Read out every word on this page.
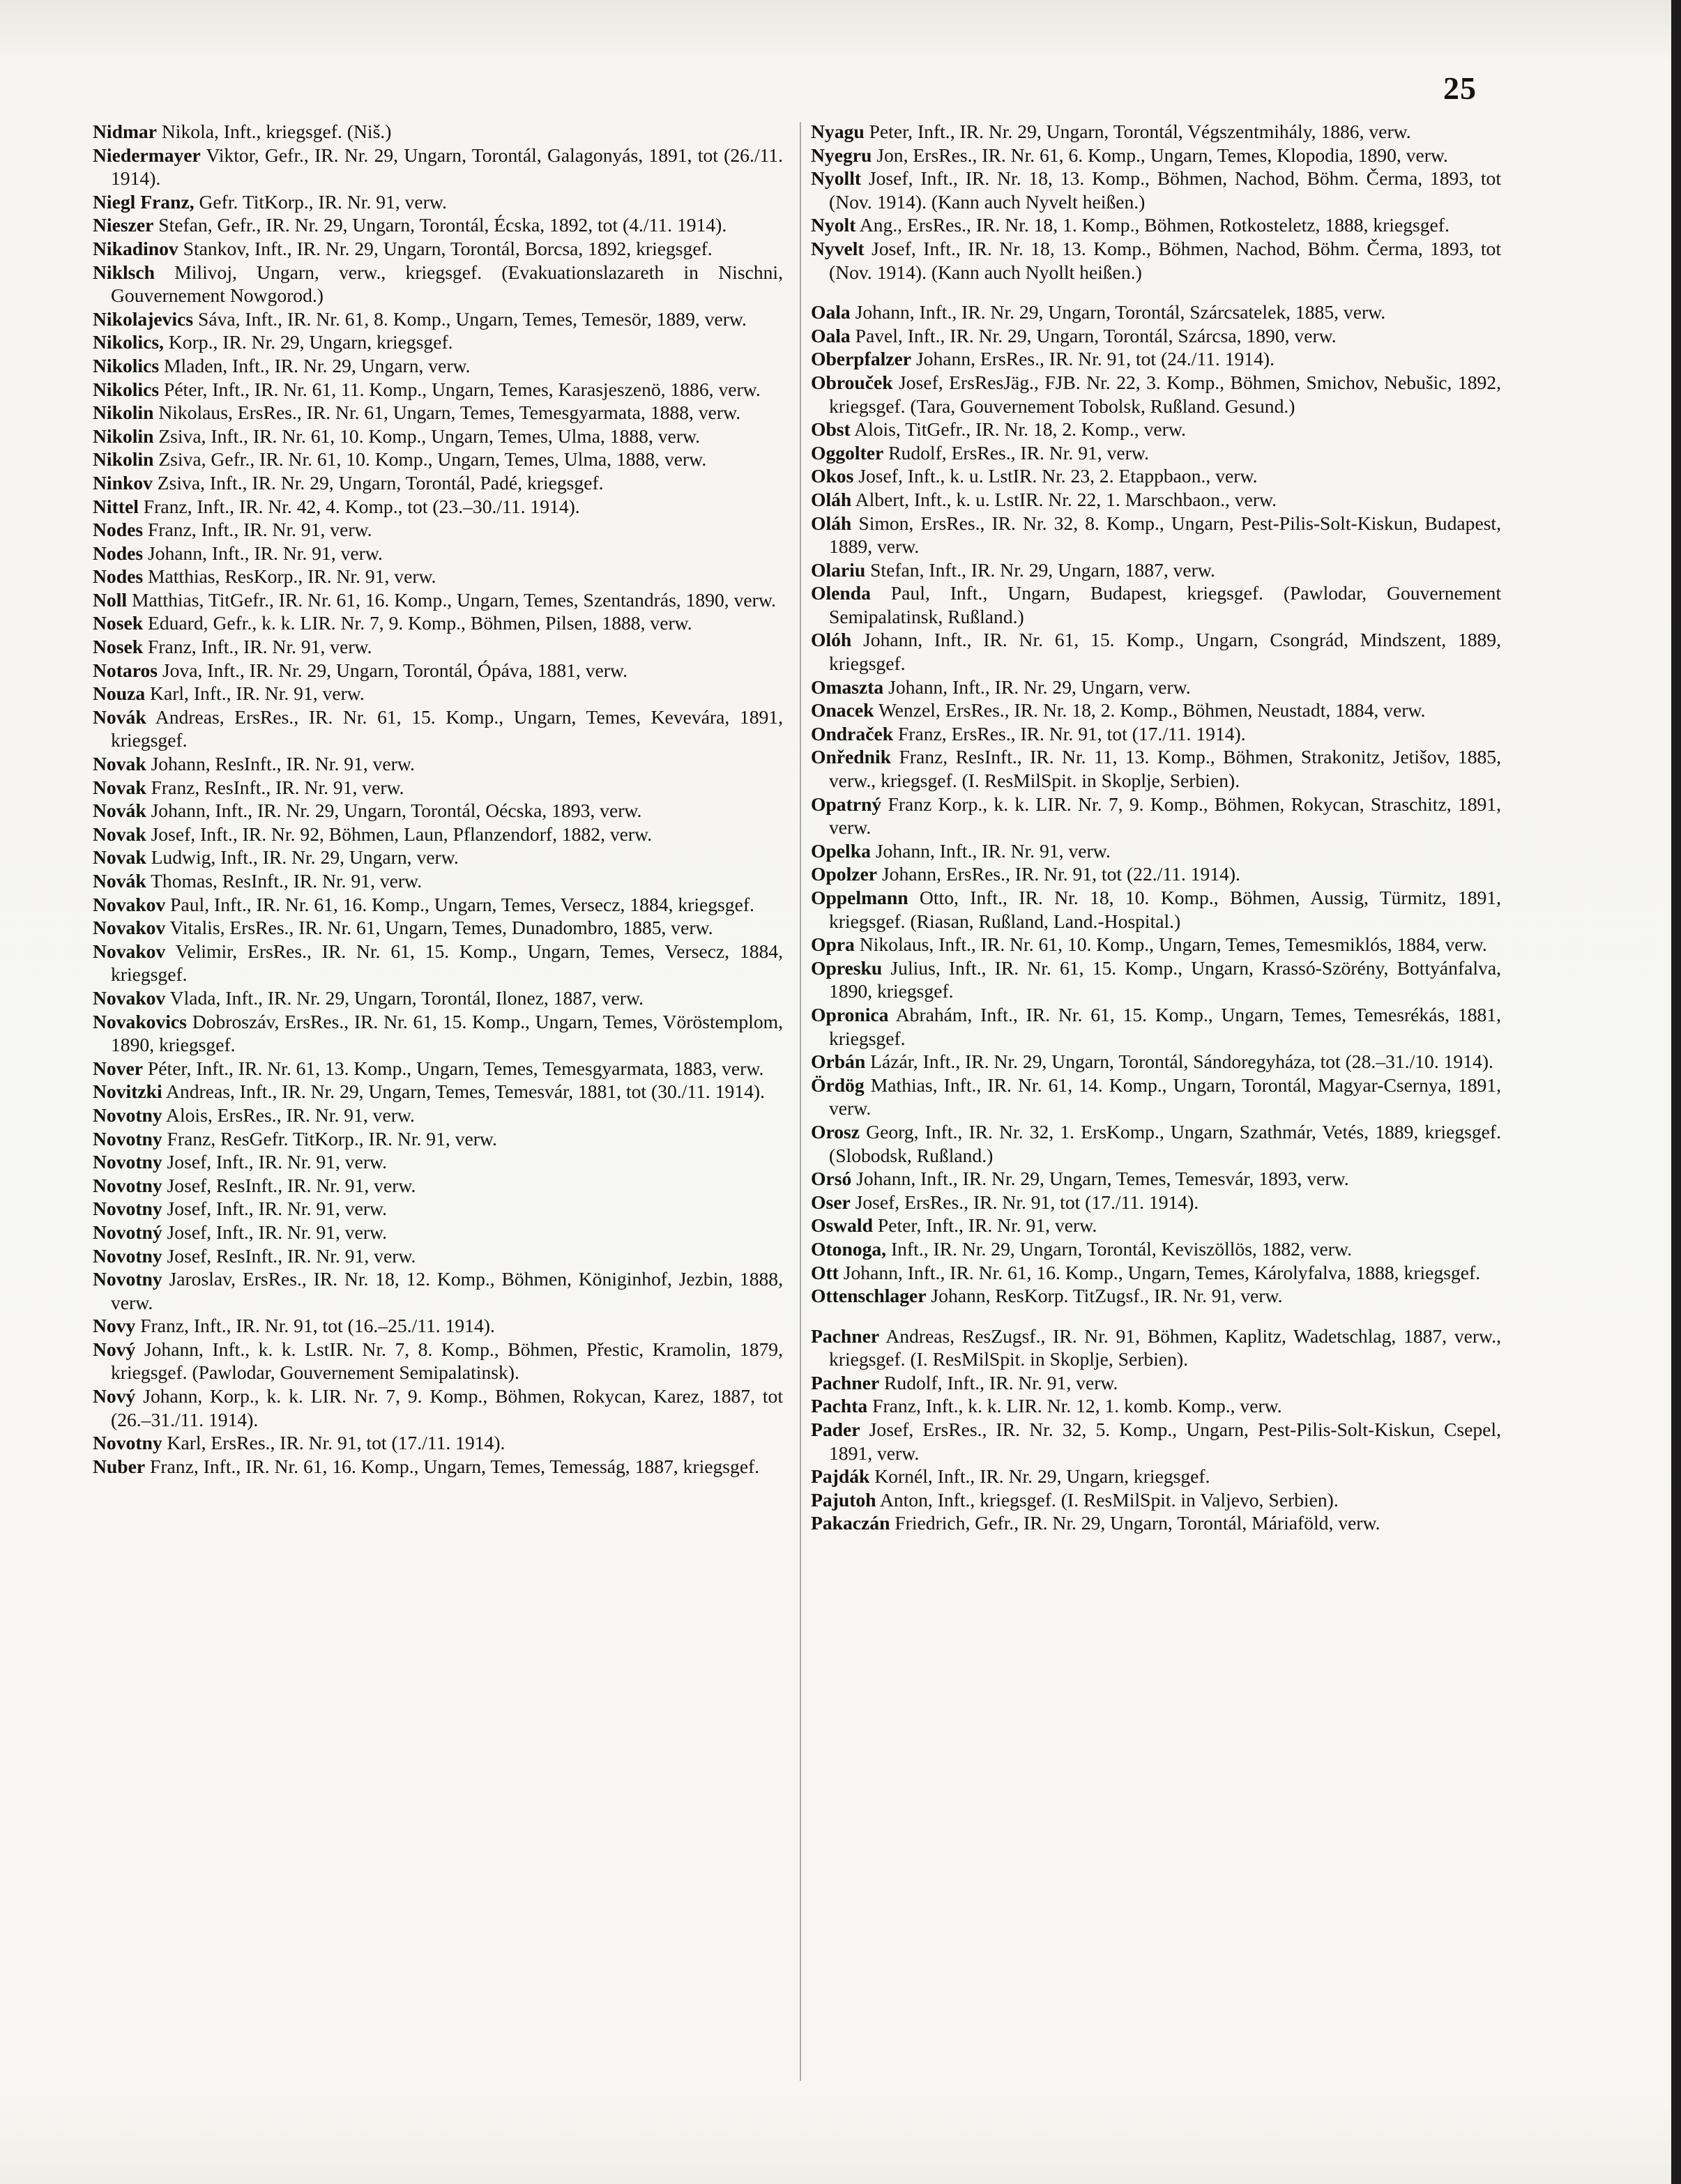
25
Nidmar Nikola, Inft., kriegsgef. (Niš.)
Niedermayer Viktor, Gefr., IR. Nr. 29, Ungarn, Torontál, Galagonyás, 1891, tot (26./11. 1914).
Niegl Franz, Gefr. TitKorp., IR. Nr. 91, verw.
Nieszer Stefan, Gefr., IR. Nr. 29, Ungarn, Torontál, Écska, 1892, tot (4./11. 1914).
Nikadinov Stankov, Inft., IR. Nr. 29, Ungarn, Torontál, Borcsa, 1892, kriegsgef.
Niklsch Milivoj, Ungarn, verw., kriegsgef. (Evakuationslazareth in Nischni, Gouvernement Nowgorod.)
Nikolajevics Sáva, Inft., IR. Nr. 61, 8. Komp., Ungarn, Temes, Temesör, 1889, verw.
Nikolics, Korp., IR. Nr. 29, Ungarn, kriegsgef.
Nikolics Mladen, Inft., IR. Nr. 29, Ungarn, verw.
Nikolics Péter, Inft., IR. Nr. 61, 11. Komp., Ungarn, Temes, Karasjeszenö, 1886, verw.
Nikolin Nikolaus, ErsRes., IR. Nr. 61, Ungarn, Temes, Temesgyarmata, 1888, verw.
Nikolin Zsiva, Inft., IR. Nr. 61, 10. Komp., Ungarn, Temes, Ulma, 1888, verw.
Nikolin Zsiva, Gefr., IR. Nr. 61, 10. Komp., Ungarn, Temes, Ulma, 1888, verw.
Ninkov Zsiva, Inft., IR. Nr. 29, Ungarn, Torontál, Padé, kriegsgef.
Nittel Franz, Inft., IR. Nr. 42, 4. Komp., tot (23.–30./11. 1914).
Nodes Franz, Inft., IR. Nr. 91, verw.
Nodes Johann, Inft., IR. Nr. 91, verw.
Nodes Matthias, ResKorp., IR. Nr. 91, verw.
Noll Matthias, TitGefr., IR. Nr. 61, 16. Komp., Ungarn, Temes, Szentandrás, 1890, verw.
Nosek Eduard, Gefr., k. k. LIR. Nr. 7, 9. Komp., Böhmen, Pilsen, 1888, verw.
Nosek Franz, Inft., IR. Nr. 91, verw.
Notaros Jova, Inft., IR. Nr. 29, Ungarn, Torontál, Ópáva, 1881, verw.
Nouza Karl, Inft., IR. Nr. 91, verw.
Novák Andreas, ErsRes., IR. Nr. 61, 15. Komp., Ungarn, Temes, Kevevára, 1891, kriegsgef.
Novak Johann, ResInft., IR. Nr. 91, verw.
Novak Franz, ResInft., IR. Nr. 91, verw.
Novák Johann, Inft., IR. Nr. 29, Ungarn, Torontál, Oécska, 1893, verw.
Novak Josef, Inft., IR. Nr. 92, Böhmen, Laun, Pflanzendorf, 1882, verw.
Novak Ludwig, Inft., IR. Nr. 29, Ungarn, verw.
Novák Thomas, ResInft., IR. Nr. 91, verw.
Novakov Paul, Inft., IR. Nr. 61, 16. Komp., Ungarn, Temes, Versecz, 1884, kriegsgef.
Novakov Vitalis, ErsRes., IR. Nr. 61, Ungarn, Temes, Dunadombro, 1885, verw.
Novakov Velimir, ErsRes., IR. Nr. 61, 15. Komp., Ungarn, Temes, Versecz, 1884, kriegsgef.
Novakov Vlada, Inft., IR. Nr. 29, Ungarn, Torontál, Ilonez, 1887, verw.
Novakovics Dobroszáv, ErsRes., IR. Nr. 61, 15. Komp., Ungarn, Temes, Vöröstemplom, 1890, kriegsgef.
Nover Péter, Inft., IR. Nr. 61, 13. Komp., Ungarn, Temes, Temesgyarmata, 1883, verw.
Novitzki Andreas, Inft., IR. Nr. 29, Ungarn, Temes, Temesvár, 1881, tot (30./11. 1914).
Novotny Alois, ErsRes., IR. Nr. 91, verw.
Novotny Franz, ResGefr. TitKorp., IR. Nr. 91, verw.
Novotny Josef, Inft., IR. Nr. 91, verw.
Novotny Josef, ResInft., IR. Nr. 91, verw.
Novotny Josef, Inft., IR. Nr. 91, verw.
Novotný Josef, Inft., IR. Nr. 91, verw.
Novotny Josef, ResInft., IR. Nr. 91, verw.
Novotny Jaroslav, ErsRes., IR. Nr. 18, 12. Komp., Böhmen, Königinhof, Jezbin, 1888, verw.
Novy Franz, Inft., IR. Nr. 91, tot (16.–25./11. 1914).
Nový Johann, Inft., k. k. LstIR. Nr. 7, 8. Komp., Böhmen, Přestic, Kramolin, 1879, kriegsgef. (Pawlodar, Gouvernement Semipalatinsk).
Nový Johann, Korp., k. k. LIR. Nr. 7, 9. Komp., Böhmen, Rokycan, Karez, 1887, tot (26.–31./11. 1914).
Novotny Karl, ErsRes., IR. Nr. 91, tot (17./11. 1914).
Nuber Franz, Inft., IR. Nr. 61, 16. Komp., Ungarn, Temes, Temesság, 1887, kriegsgef.
Nyagu Peter, Inft., IR. Nr. 29, Ungarn, Torontál, Végszentmihály, 1886, verw.
Nyegru Jon, ErsRes., IR. Nr. 61, 6. Komp., Ungarn, Temes, Klopodia, 1890, verw.
Nyollt Josef, Inft., IR. Nr. 18, 13. Komp., Böhmen, Nachod, Böhm. Čerma, 1893, tot (Nov. 1914). (Kann auch Nyvelt heißen.)
Nyolt Ang., ErsRes., IR. Nr. 18, 1. Komp., Böhmen, Rotkosteletz, 1888, kriegsgef.
Nyvelt Josef, Inft., IR. Nr. 18, 13. Komp., Böhmen, Nachod, Böhm. Čerma, 1893, tot (Nov. 1914). (Kann auch Nyollt heißen.)
Oala Johann, Inft., IR. Nr. 29, Ungarn, Torontál, Szárcsatelek, 1885, verw.
Oala Pavel, Inft., IR. Nr. 29, Ungarn, Torontál, Szárcsa, 1890, verw.
Oberpfalzer Johann, ErsRes., IR. Nr. 91, tot (24./11. 1914).
Obrouček Josef, ErsResJäg., FJB. Nr. 22, 3. Komp., Böhmen, Smichov, Nebušic, 1892, kriegsgef. (Tara, Gouvernement Tobolsk, Rußland. Gesund.)
Obst Alois, TitGefr., IR. Nr. 18, 2. Komp., verw.
Oggolter Rudolf, ErsRes., IR. Nr. 91, verw.
Okos Josef, Inft., k. u. LstIR. Nr. 23, 2. Etappbaon., verw.
Oláh Albert, Inft., k. u. LstIR. Nr. 22, 1. Marschbaon., verw.
Oláh Simon, ErsRes., IR. Nr. 32, 8. Komp., Ungarn, Pest-Pilis-Solt-Kiskun, Budapest, 1889, verw.
Olariu Stefan, Inft., IR. Nr. 29, Ungarn, 1887, verw.
Olenda Paul, Inft., Ungarn, Budapest, kriegsgef. (Pawlodar, Gouvernement Semipalatinsk, Rußland.)
Olóh Johann, Inft., IR. Nr. 61, 15. Komp., Ungarn, Csongrád, Mindszent, 1889, kriegsgef.
Omaszta Johann, Inft., IR. Nr. 29, Ungarn, verw.
Onacek Wenzel, ErsRes., IR. Nr. 18, 2. Komp., Böhmen, Neustadt, 1884, verw.
Ondraček Franz, ErsRes., IR. Nr. 91, tot (17./11. 1914).
Onřednik Franz, ResInft., IR. Nr. 11, 13. Komp., Böhmen, Strakonitz, Jetišov, 1885, verw., kriegsgef. (I. ResMilSpit. in Skoplje, Serbien).
Opatrný Franz Korp., k. k. LIR. Nr. 7, 9. Komp., Böhmen, Rokycan, Straschitz, 1891, verw.
Opelka Johann, Inft., IR. Nr. 91, verw.
Opolzer Johann, ErsRes., IR. Nr. 91, tot (22./11. 1914).
Oppelmann Otto, Inft., IR. Nr. 18, 10. Komp., Böhmen, Aussig, Türmitz, 1891, kriegsgef. (Riasan, Rußland, Land.-Hospital.)
Opra Nikolaus, Inft., IR. Nr. 61, 10. Komp., Ungarn, Temes, Temesmiklós, 1884, verw.
Opresku Julius, Inft., IR. Nr. 61, 15. Komp., Ungarn, Krassó-Szörény, Bottyánfalva, 1890, kriegsgef.
Opronica Abrahám, Inft., IR. Nr. 61, 15. Komp., Ungarn, Temes, Temesrékás, 1881, kriegsgef.
Orbán Lázár, Inft., IR. Nr. 29, Ungarn, Torontál, Sándoregyháza, tot (28.–31./10. 1914).
Ördög Mathias, Inft., IR. Nr. 61, 14. Komp., Ungarn, Torontál, Magyar-Csernya, 1891, verw.
Orosz Georg, Inft., IR. Nr. 32, 1. ErsKomp., Ungarn, Szathmár, Vetés, 1889, kriegsgef. (Slobodsk, Rußland.)
Orsó Johann, Inft., IR. Nr. 29, Ungarn, Temes, Temesvár, 1893, verw.
Oser Josef, ErsRes., IR. Nr. 91, tot (17./11. 1914).
Oswald Peter, Inft., IR. Nr. 91, verw.
Otonoga, Inft., IR. Nr. 29, Ungarn, Torontál, Keviszöllös, 1882, verw.
Ott Johann, Inft., IR. Nr. 61, 16. Komp., Ungarn, Temes, Károlyfalva, 1888, kriegsgef.
Ottenschlager Johann, ResKorp. TitZugsf., IR. Nr. 91, verw.
Pachner Andreas, ResZugsf., IR. Nr. 91, Böhmen, Kaplitz, Wadetschlag, 1887, verw., kriegsgef. (I. ResMilSpit. in Skoplje, Serbien).
Pachner Rudolf, Inft., IR. Nr. 91, verw.
Pachta Franz, Inft., k. k. LIR. Nr. 12, 1. komb. Komp., verw.
Pader Josef, ErsRes., IR. Nr. 32, 5. Komp., Ungarn, Pest-Pilis-Solt-Kiskun, Csepel, 1891, verw.
Pajdák Kornél, Inft., IR. Nr. 29, Ungarn, kriegsgef.
Pajutoh Anton, Inft., kriegsgef. (I. ResMilSpit. in Valjevo, Serbien).
Pakaczán Friedrich, Gefr., IR. Nr. 29, Ungarn, Torontál, Máriaföld, verw.
